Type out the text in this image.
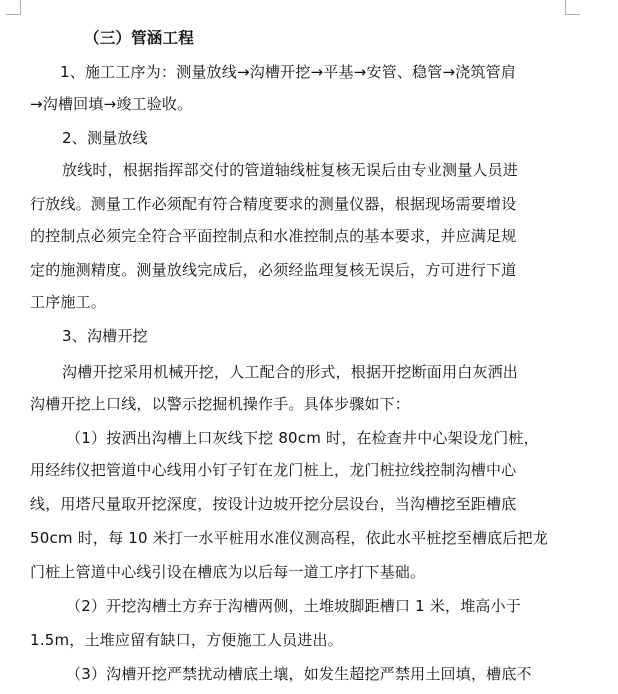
（三）管涵工程
1、施工工序为：测量放线→沟槽开挖→平基→安管、稳管→浇筑管肩
→沟槽回填→竣工验收。
2、测量放线
放线时，根据指挥部交付的管道轴线桩复核无误后由专业测量人员进
行放线。测量工作必须配有符合精度要求的测量仪器，根据现场需要增设
的控制点必须完全符合平面控制点和水准控制点的基本要求，并应满足规
定的施测精度。测量放线完成后，必须经监理复核无误后，方可进行下道
工序施工。
3、沟槽开挖
沟槽开挖采用机械开挖，人工配合的形式，根据开挖断面用白灰洒出
沟槽开挖上口线，以警示挖掘机操作手。具体步骤如下：
（1）按洒出沟槽上口灰线下挖 80cm 时，在检查井中心架设龙门桩，
用经纬仪把管道中心线用小钉子钉在龙门桩上，龙门桩拉线控制沟槽中心
线，用塔尺量取开挖深度，按设计边坡开挖分层设台，当沟槽挖至距槽底
50cm 时，每 10 米打一水平桩用水准仪测高程，依此水平桩挖至槽底后把龙
门桩上管道中心线引设在槽底为以后每一道工序打下基础。
（2）开挖沟槽土方弃于沟槽两侧，土堆坡脚距槽口 1 米，堆高小于
1.5m，土堆应留有缺口，方便施工人员进出。
（3）沟槽开挖严禁扰动槽底土壤，如发生超挖严禁用土回填，槽底不
